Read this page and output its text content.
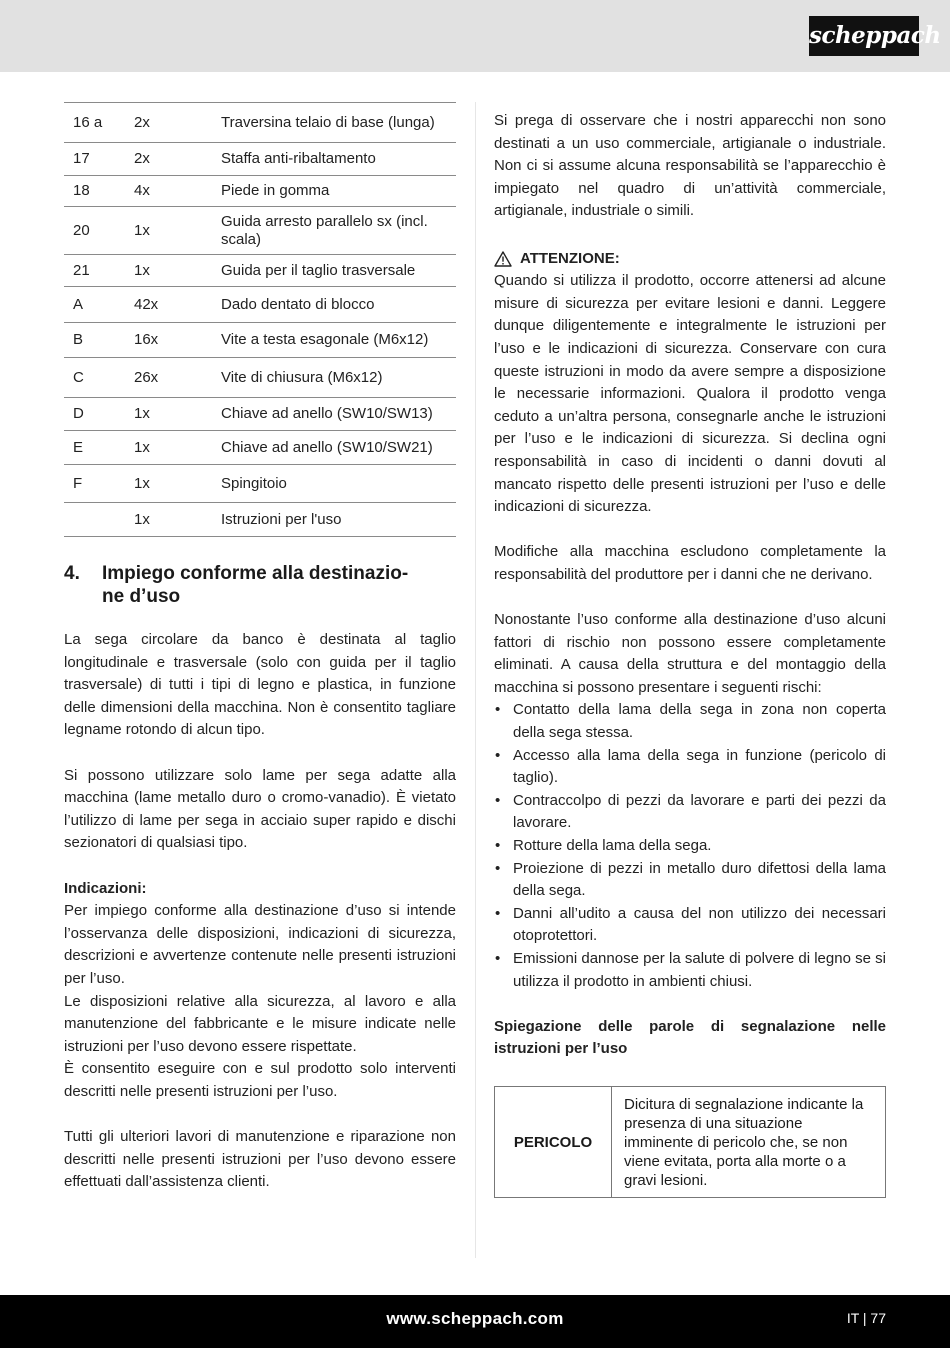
scheppach
16 a	2x	Traversina telaio di base (lunga)
17	2x	Staffa anti-ribaltamento
18	4x	Piede in gomma
20	1x	Guida arresto parallelo sx (incl. scala)
21	1x	Guida per il taglio trasversale
A	42x	Dado dentato di blocco
B	16x	Vite a testa esagonale (M6x12)
C	26x	Vite di chiusura (M6x12)
D	1x	Chiave ad anello (SW10/SW13)
E	1x	Chiave ad anello (SW10/SW21)
F	1x	Spingitoio
	1x	Istruzioni per l'uso
4. Impiego conforme alla destinazio-
ne d’uso

La sega circolare da banco è destinata al taglio longitudinale e trasversale (solo con guida per il taglio trasversale) di tutti i tipi di legno e plastica, in funzione delle dimensioni della macchina. Non è consentito tagliare legname rotondo di alcun tipo.

Si possono utilizzare solo lame per sega adatte alla macchina (lame metallo duro o cromo-vanadio). È vietato l’utilizzo di lame per sega in acciaio super rapido e dischi sezionatori di qualsiasi tipo.

Indicazioni:

Per impiego conforme alla destinazione d’uso si intende l’osservanza delle disposizioni, indicazioni di sicurezza, descrizioni e avvertenze contenute nelle presenti istruzioni per l’uso.

Le disposizioni relative alla sicurezza, al lavoro e alla manutenzione del fabbricante e le misure indicate nelle istruzioni per l’uso devono essere rispettate.

È consentito eseguire con e sul prodotto solo interventi descritti nelle presenti istruzioni per l’uso.

Tutti gli ulteriori lavori di manutenzione e riparazione non descritti nelle presenti istruzioni per l’uso devono essere effettuati dall’assistenza clienti.

Si prega di osservare che i nostri apparecchi non sono destinati a un uso commerciale, artigianale o industriale. Non ci si assume alcuna responsabilità se l’apparecchio è impiegato nel quadro di un’attività commerciale, artigianale, industriale o simili.

ATTENZIONE:

Quando si utilizza il prodotto, occorre attenersi ad alcune misure di sicurezza per evitare lesioni e danni. Leggere dunque diligentemente e integralmente le istruzioni per l’uso e le indicazioni di sicurezza. Conservare con cura queste istruzioni in modo da avere sempre a disposizione le necessarie informazioni. Qualora il prodotto venga ceduto a un’altra persona, consegnarle anche le istruzioni per l’uso e le indicazioni di sicurezza. Si declina ogni responsabilità in caso di incidenti o danni dovuti al mancato rispetto delle presenti istruzioni per l’uso e delle indicazioni di sicurezza.

Modifiche alla macchina escludono completamente la responsabilità del produttore per i danni che ne derivano.

Nonostante l’uso conforme alla destinazione d’uso alcuni fattori di rischio non possono essere completamente eliminati. A causa della struttura e del montaggio della macchina si possono presentare i seguenti rischi:

• Contatto della lama della sega in zona non coperta della sega stessa.
• Accesso alla lama della sega in funzione (pericolo di taglio).
• Contraccolpo di pezzi da lavorare e parti dei pezzi da lavorare.
• Rotture della lama della sega.
• Proiezione di pezzi in metallo duro difettosi della lama della sega.
• Danni all’udito a causa del non utilizzo dei necessari otoprotettori.
• Emissioni dannose per la salute di polvere di legno se si utilizza il prodotto in ambienti chiusi.

Spiegazione delle parole di segnalazione nelle istruzioni per l’uso

PERICOLO	Dicitura di segnalazione indicante la presenza di una situazione imminente di pericolo che, se non viene evitata, porta alla morte o a gravi lesioni.
www.scheppach.com	IT | 77
